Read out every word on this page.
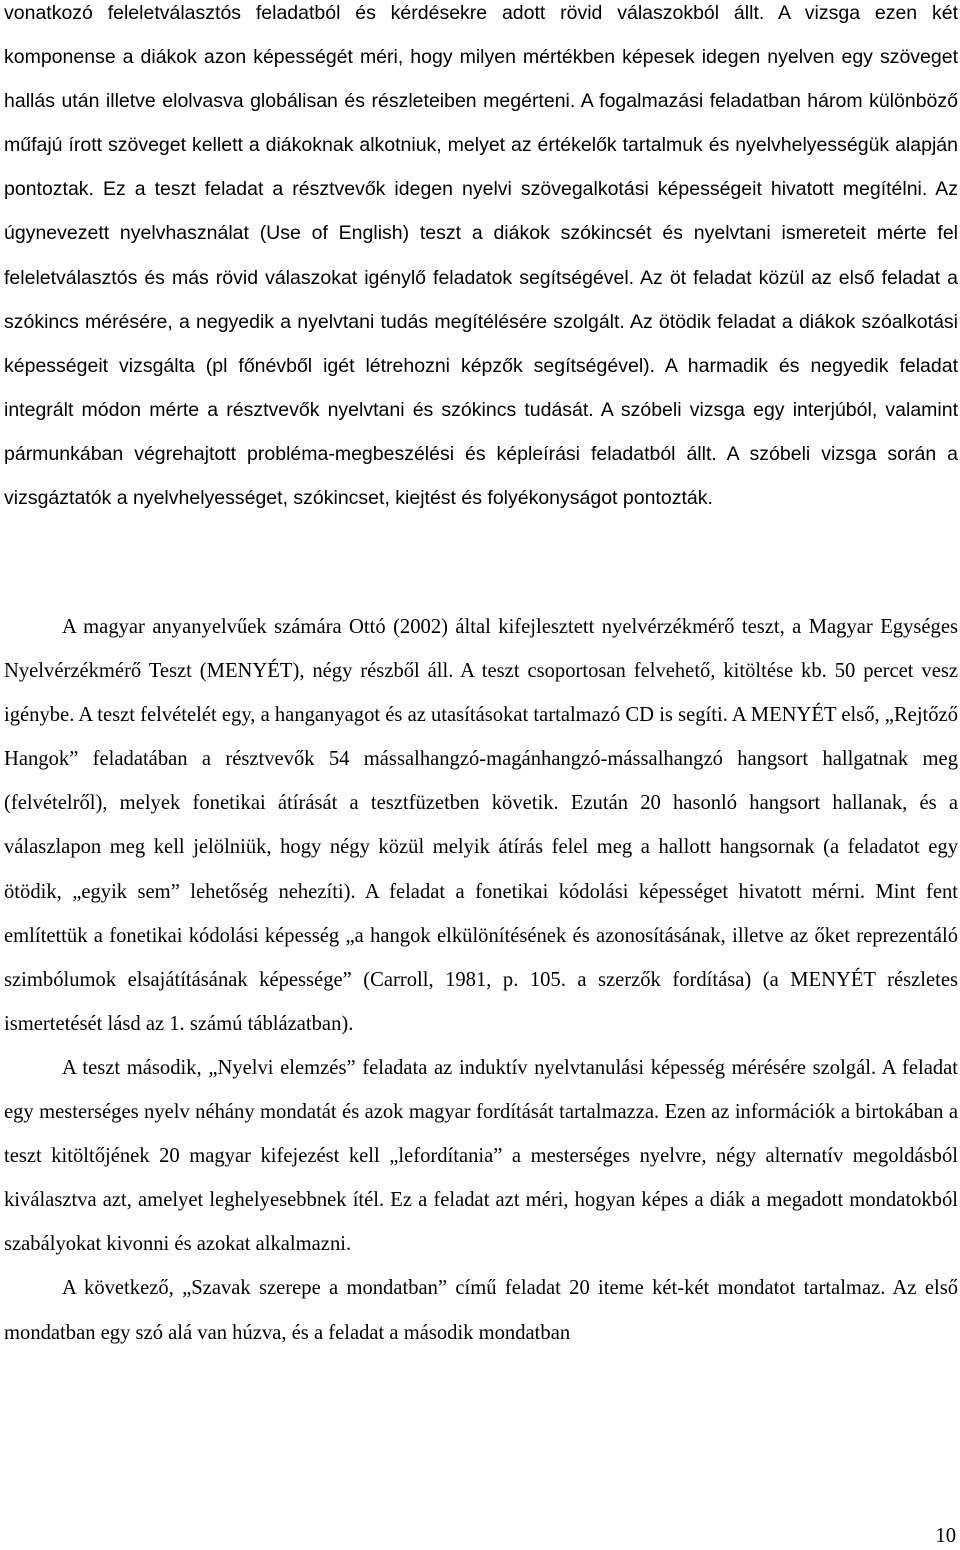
vonatkozó feleletválasztós feladatból és kérdésekre adott rövid válaszokból állt. A vizsga ezen két komponense a diákok azon képességét méri, hogy milyen mértékben képesek idegen nyelven egy szöveget hallás után illetve elolvasva globálisan és részleteiben megérteni. A fogalmazási feladatban három különböző műfajú írott szöveget kellett a diákoknak alkotniuk, melyet az értékelők tartalmuk és nyelvhelyességük alapján pontoztak. Ez a teszt feladat a résztvevők idegen nyelvi szövegalkotási képességeit hivatott megítélni. Az úgynevezett nyelvhasználat (Use of English) teszt a diákok szókincsét és nyelvtani ismereteit mérte fel feleletválasztós és más rövid válaszokat igénylő feladatok segítségével. Az öt feladat közül az első feladat a szókincs mérésére, a negyedik a nyelvtani tudás megítélésére szolgált. Az ötödik feladat a diákok szóalkotási képességeit vizsgálta (pl főnévből igét létrehozni képzők segítségével). A harmadik és negyedik feladat integrált módon mérte a résztvevők nyelvtani és szókincs tudását. A szóbeli vizsga egy interjúból, valamint pármunkában végrehajtott probléma-megbeszélési és képleírási feladatból állt. A szóbeli vizsga során a vizsgáztatók a nyelvhelyességet, szókincset, kiejtést és folyékonyságot pontozták.

A magyar anyanyelvűek számára Ottó (2002) által kifejlesztett nyelvérzékmérő teszt, a Magyar Egységes Nyelvérzékmérő Teszt (MENYÉT), négy részből áll. A teszt csoportosan felvehető, kitöltése kb. 50 percet vesz igénybe. A teszt felvételét egy, a hanganyagot és az utasításokat tartalmazó CD is segíti. A MENYÉT első, „Rejtőző Hangok” feladatában a résztvevők 54 mássalhangzó-magánhangzó-mássalhangzó hangsort hallgatnak meg (felvételről), melyek fonetikai átírását a tesztfüzetben követik. Ezután 20 hasonló hangsort hallanak, és a válaszlapon meg kell jelölniük, hogy négy közül melyik átírás felel meg a hallott hangsornak (a feladatot egy ötödik, „egyik sem” lehetőség nehezíti). A feladat a fonetikai kódolási képességet hivatott mérni. Mint fent említettük a fonetikai kódolási képesség „a hangok elkülönítésének és azonosításának, illetve az őket reprezentáló szimbólumok elsajátításának képessége” (Carroll, 1981, p. 105. a szerzők fordítása) (a MENYÉT részletes ismertetését lásd az 1. számú táblázatban).

A teszt második, „Nyelvi elemzés” feladata az induktív nyelvtanulási képesség mérésére szolgál. A feladat egy mesterséges nyelv néhány mondatát és azok magyar fordítását tartalmazza. Ezen az információk a birtokában a teszt kitöltőjének 20 magyar kifejezést kell „lefordítania” a mesterséges nyelvre, négy alternatív megoldásból kiválasztva azt, amelyet leghelyesebbnek ítél. Ez a feladat azt méri, hogyan képes a diák a megadott mondatokból szabályokat kivonni és azokat alkalmazni.

A következő, „Szavak szerepe a mondatban” című feladat 20 iteme két-két mondatot tartalmaz. Az első mondatban egy szó alá van húzva, és a feladat a második mondatban

10
